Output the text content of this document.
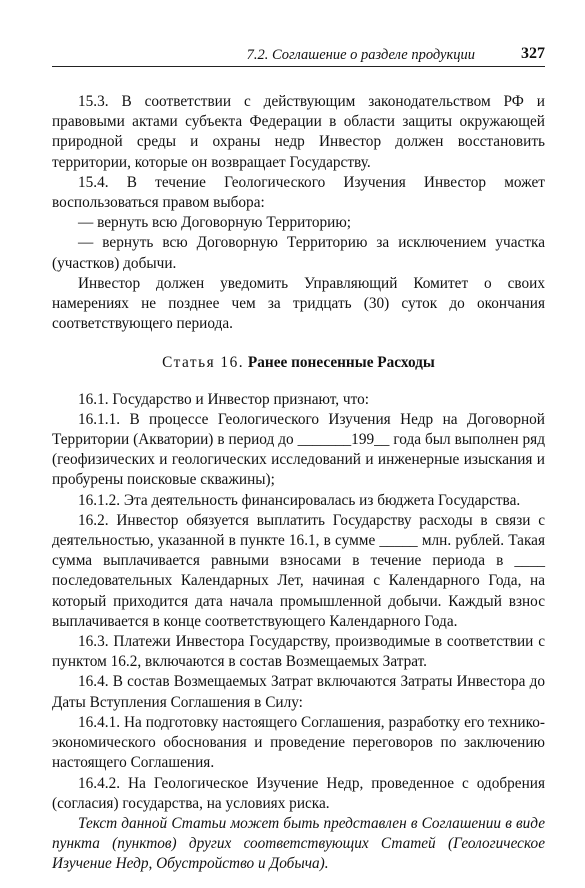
7.2. Соглашение о разделе продукции	327

15.3. В соответствии с действующим законодательством РФ и правовыми актами субъекта Федерации в области защиты окружающей природной среды и охраны недр Инвестор должен восстановить территории, которые он возвращает Государству.

15.4. В течение Геологического Изучения Инвестор может воспользоваться правом выбора:

— вернуть всю Договорную Территорию;

— вернуть всю Договорную Территорию за исключением участка (участков) добычи.

Инвестор должен уведомить Управляющий Комитет о своих намерениях не позднее чем за тридцать (30) суток до окончания соответствующего периода.

Статья 16. Ранее понесенные Расходы

16.1. Государство и Инвестор признают, что:

16.1.1. В процессе Геологического Изучения Недр на Договорной Территории (Акватории) в период до _______199__ года был выполнен ряд (геофизических и геологических исследований и инженерные изыскания и пробурены поисковые скважины);

16.1.2. Эта деятельность финансировалась из бюджета Государства.

16.2. Инвестор обязуется выплатить Государству расходы в связи с деятельностью, указанной в пункте 16.1, в сумме _____ млн. рублей. Такая сумма выплачивается равными взносами в течение периода в ____ последовательных Календарных Лет, начиная с Календарного Года, на который приходится дата начала промышленной добычи. Каждый взнос выплачивается в конце соответствующего Календарного Года.

16.3. Платежи Инвестора Государству, производимые в соответствии с пунктом 16.2, включаются в состав Возмещаемых Затрат.

16.4. В состав Возмещаемых Затрат включаются Затраты Инвестора до Даты Вступления Соглашения в Силу:

16.4.1. На подготовку настоящего Соглашения, разработку его технико-экономического обоснования и проведение переговоров по заключению настоящего Соглашения.

16.4.2. На Геологическое Изучение Недр, проведенное с одобрения (согласия) государства, на условиях риска.

Текст данной Статьи может быть представлен в Соглашении в виде пункта (пунктов) других соответствующих Статей (Геологическое Изучение Недр, Обустройство и Добыча).
